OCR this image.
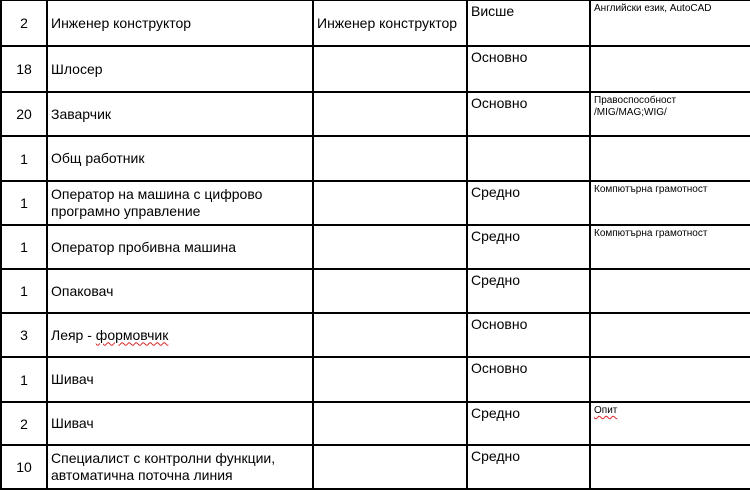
2	Инженер конструктор	Инженер конструктор	Висше	Английски език, AutoCAD
18	Шлосер		Основно	
20	Заварчик		Основно	Правоспособност /MIG/MAG;WIG/
1	Общ работник			
1	Оператор на машина с цифрово програмно управление		Средно	Компютърна грамотност
1	Оператор пробивна машина		Средно	Компютърна грамотност
1	Опаковач		Средно	
3	Леяр - формовчик		Основно	
1	Шивач		Основно	
2	Шивач		Средно	Опит
10	Специалист с контролни функции, автоматична поточна линия		Средно	
